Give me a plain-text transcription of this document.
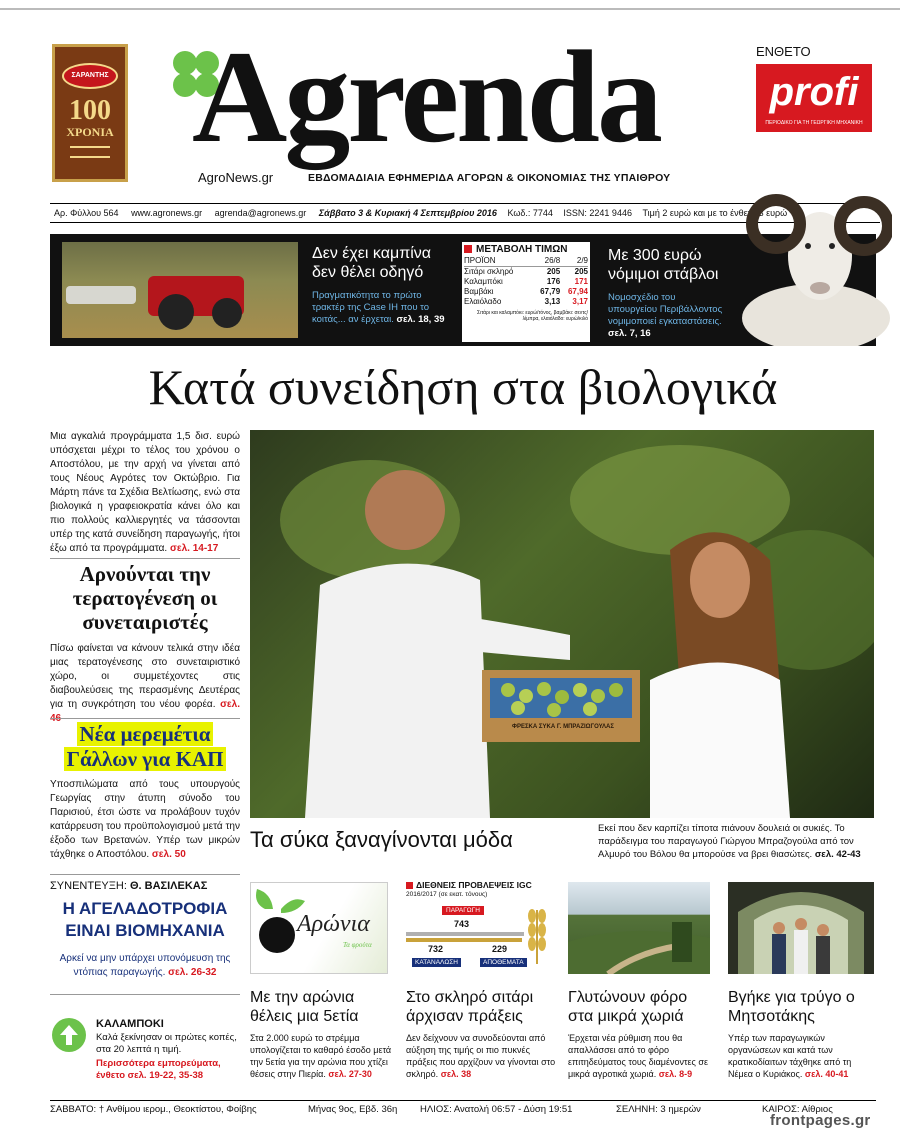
ΣΑΡΑΝΤΗΣ
100
ΧΡΟΝΙΑ Agrenda
AgroNews.gr	ΕΒΔΟΜΑΔΙΑΙΑ ΕΦΗΜΕΡΙΔΑ ΑΓΟΡΩΝ & ΟΙΚΟΝΟΜΙΑΣ ΤΗΣ ΥΠΑΙΘΡΟΥ
ΕΝΘΕΤΟ
profi
ΠΕΡΙΟΔΙΚΟ ΓΙΑ ΤΗ ΓΕΩΡΓΙΚΗ ΜΗΧΑΝΙΚΗ
Αρ. Φύλλου 564 www.agronews.gr agrenda@agronews.gr Σάββατο 3 & Κυριακή 4 Σεπτεμβρίου 2016 Κωδ.: 7744 ISSN: 2241 9446 Τιμή 2 ευρώ και με το ένθετο 3 ευρώ
Δεν έχει καμπίνα δεν θέλει οδηγό
Πραγματικότητα το πρώτο τρακτέρ της Case IH που το κοιτάς... αν έρχεται. σελ. 18, 39
ΜΕΤΑΒΟΛΗ ΤΙΜΩΝ
ΠΡΟΪΟΝ	26/8	2/9
Σιτάρι σκληρό	205	205
Καλαμπόκι	176	171
Βαμβάκι	67,79	67,94
Ελαιόλαδο	3,13	3,17
Σιτάρι και καλαμπόκι: ευρώ/τόνος, βαμβάκι: σεντς/λίμπρα, ελαιόλαδο: ευρώ/κιλό
Με 300 ευρώ νόμιμοι στάβλοι
Νομοσχέδιο του υπουργείου Περιβάλλοντος νομιμοποιεί εγκαταστάσεις. σελ. 7, 16
Κατά συνείδηση στα βιολογικά
Μια αγκαλιά προγράμματα 1,5 δισ. ευρώ υπόσχεται μέχρι το τέλος του χρόνου ο Αποστόλου, με την αρχή να γίνεται από τους Νέους Αγρότες τον Οκτώβριο. Για Μάρτη πάνε τα Σχέδια Βελτίωσης, ενώ στα βιολογικά η γραφειοκρατία κάνει όλο και πιο πολλούς καλλιεργητές να τάσσονται υπέρ της κατά συνείδηση παραγωγής, ήτοι έξω από τα προγράμματα. σελ. 14-17
Αρνούνται την τερατογένεση οι συνεταιριστές
Πίσω φαίνεται να κάνουν τελικά στην ιδέα μιας τερατογένεσης στο συνεταιριστικό χώρο, οι συμμετέχοντες στις διαβουλεύσεις της περασμένης Δευτέρας για τη συγκρότηση του νέου φορέα. σελ.
Νέα μερεμέτια Γάλλων για ΚΑΠ
Υποσπιλώματα από τους υπουργούς Γεωργίας στην άτυπη σύνοδο του Παρισιού, έτσι ώστε να προλάβουν τυχόν κατάρρευση του προϋπολογισμού μετά την έξοδο των Βρετανών. Υπέρ των μικρών τάχθηκε ο Αποστόλου. σελ. 50
ΦΡΕΣΚΑ ΣΥΚΑ Γ. ΜΠΡΑΖΙΩΓΟΥΛΑΣ
Τα σύκα ξαναγίνονται μόδα	Εκεί που δεν καρπίζει τίποτα πιάνουν δουλειά οι συκιές. Το παράδειγμα του παραγωγού Γιώργου Μπραζογούλα από τον Αλμυρό του Βόλου θα μπορούσε να βρει θιασώτες. σελ. 42-43
ΣΥΝΕΝΤΕΥΞΗ: Θ. ΒΑΣΙΛΕΚΑΣ
Η ΑΓΕΛΑΔΟΤΡΟΦΙΑ
ΕΙΝΑΙ ΒΙΟΜΗΧΑΝΙΑ
Αρκεί να μην υπάρχει υπονόμευση της ντόπιας παραγωγής. σελ. 26-32
ΚΑΛΑΜΠΟΚΙ
Καλά ξεκίνησαν οι πρώτες κοπές, στα 20 λεπτά η τιμή.
Περισσότερα εμπορεύματα, ένθετο σελ. 19-22, 35-38
Αρώνια
Τα φρούτα
Με την αρώνια θέλεις μια 5ετία
Στα 2.000 ευρώ το στρέμμα υπολογίζεται το καθαρό έσοδο μετά την 5ετία για την αρώνια που χτίζει θέσεις στην Πιερία. σελ. 27-30
ΔΙΕΘΝΕΙΣ ΠΡΟΒΛΕΨΕΙΣ IGC
2016/2017 (σε εκατ. τόνους)
ΠΑΡΑΓΩΓΗ
743
732	229
ΚΑΤΑΝΑΛΩΣΗ	ΑΠΟΘΕΜΑΤΑ
Στο σκληρό σιτάρι άρχισαν πράξεις
Δεν δείχνουν να συνοδεύονται από αύξηση της τιμής οι πιο πυκνές πράξεις που αρχίζουν να γίνονται στο σκληρό. σελ. 38
Γλυτώνουν φόρο στα μικρά χωριά
Έρχεται νέα ρύθμιση που θα απαλλάσσει από το φόρο επιτηδεύματος τους διαμένοντες σε μικρά αγροτικά χωριά. σελ. 8-9
Βγήκε για τρύγο ο Μητσοτάκης
Υπέρ των παραγωγικών οργανώσεων και κατά των κρατικοδίαιτων τάχθηκε από τη Νέμεα ο Κυριάκος. σελ. 40-41
ΣΑΒΒΑΤΟ: † Ανθίμου ιερομ., Θεοκτίστου, Φοίβης	Μήνας 9ος, Εβδ. 36η ΗΛΙΟΣ: Ανατολή 06:57 - Δύση 19:51	ΣΕΛΗΝΗ: 3 ημερών	ΚΑΙΡΟΣ: Αίθριος
frontpages.gr
